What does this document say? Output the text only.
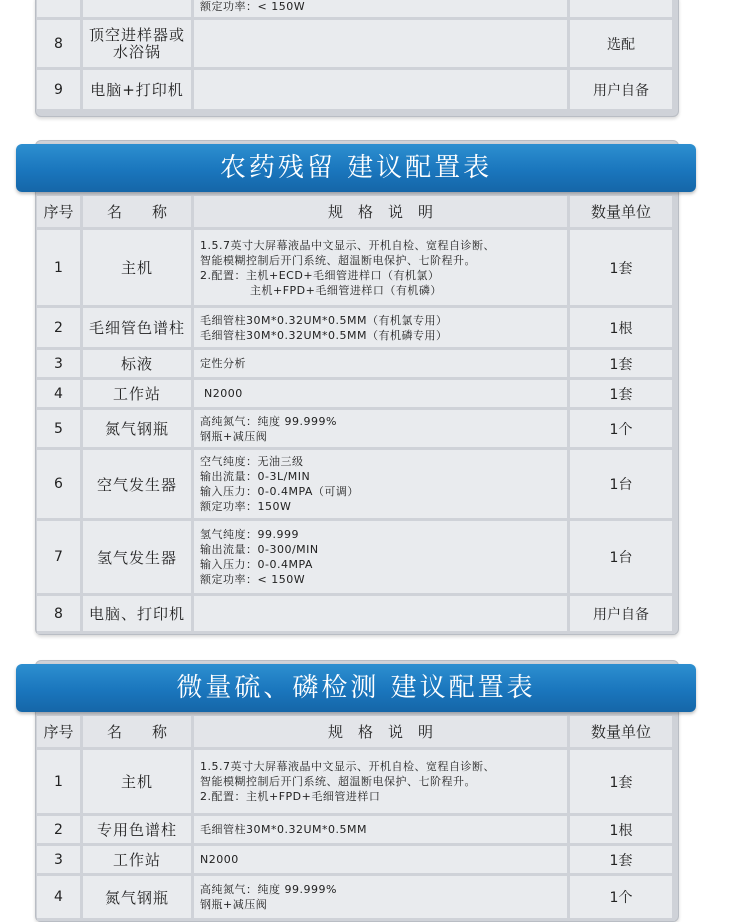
		额定功率：< 150W	

8	顶空进样器或
水浴锅		选配
9	电脑+打印机		用户自备
农药残留 建议配置表
序号	名　　称	规　格　说　明	数量单位
1	主机	1.5.7英寸大屏幕液晶中文显示、开机自检、宽程自诊断、
智能模糊控制后开门系统、超温断电保护、七阶程升。
2.配置：主机+ECD+毛细管进样口（有机氯）
主机+FPD+毛细管进样口（有机磷）	1套
2	毛细管色谱柱	毛细管柱30M*0.32UM*0.5MM（有机氯专用）
毛细管柱30M*0.32UM*0.5MM（有机磷专用）	1根
3	标液	定性分析	1套
4	工作站	N2000	1套
5	氮气钢瓶	高纯氮气：纯度 99.999%
钢瓶+减压阀	1个
6	空气发生器	空气纯度：无油三级
输出流量：0-3L/MIN
输入压力：0-0.4MPA（可调）
额定功率：150W	1台
7	氢气发生器	氢气纯度：99.999
输出流量：0-300/MIN
输入压力：0-0.4MPA
额定功率：< 150W	1台
8	电脑、打印机		用户自备
微量硫、磷检测 建议配置表
序号	名　　称	规　格　说　明	数量单位
1	主机	1.5.7英寸大屏幕液晶中文显示、开机自检、宽程自诊断、
智能模糊控制后开门系统、超温断电保护、七阶程升。
2.配置：主机+FPD+毛细管进样口	1套
2	专用色谱柱	毛细管柱30M*0.32UM*0.5MM	1根
3	工作站	N2000	1套
4	氮气钢瓶	高纯氮气：纯度 99.999%
钢瓶+减压阀	1个
